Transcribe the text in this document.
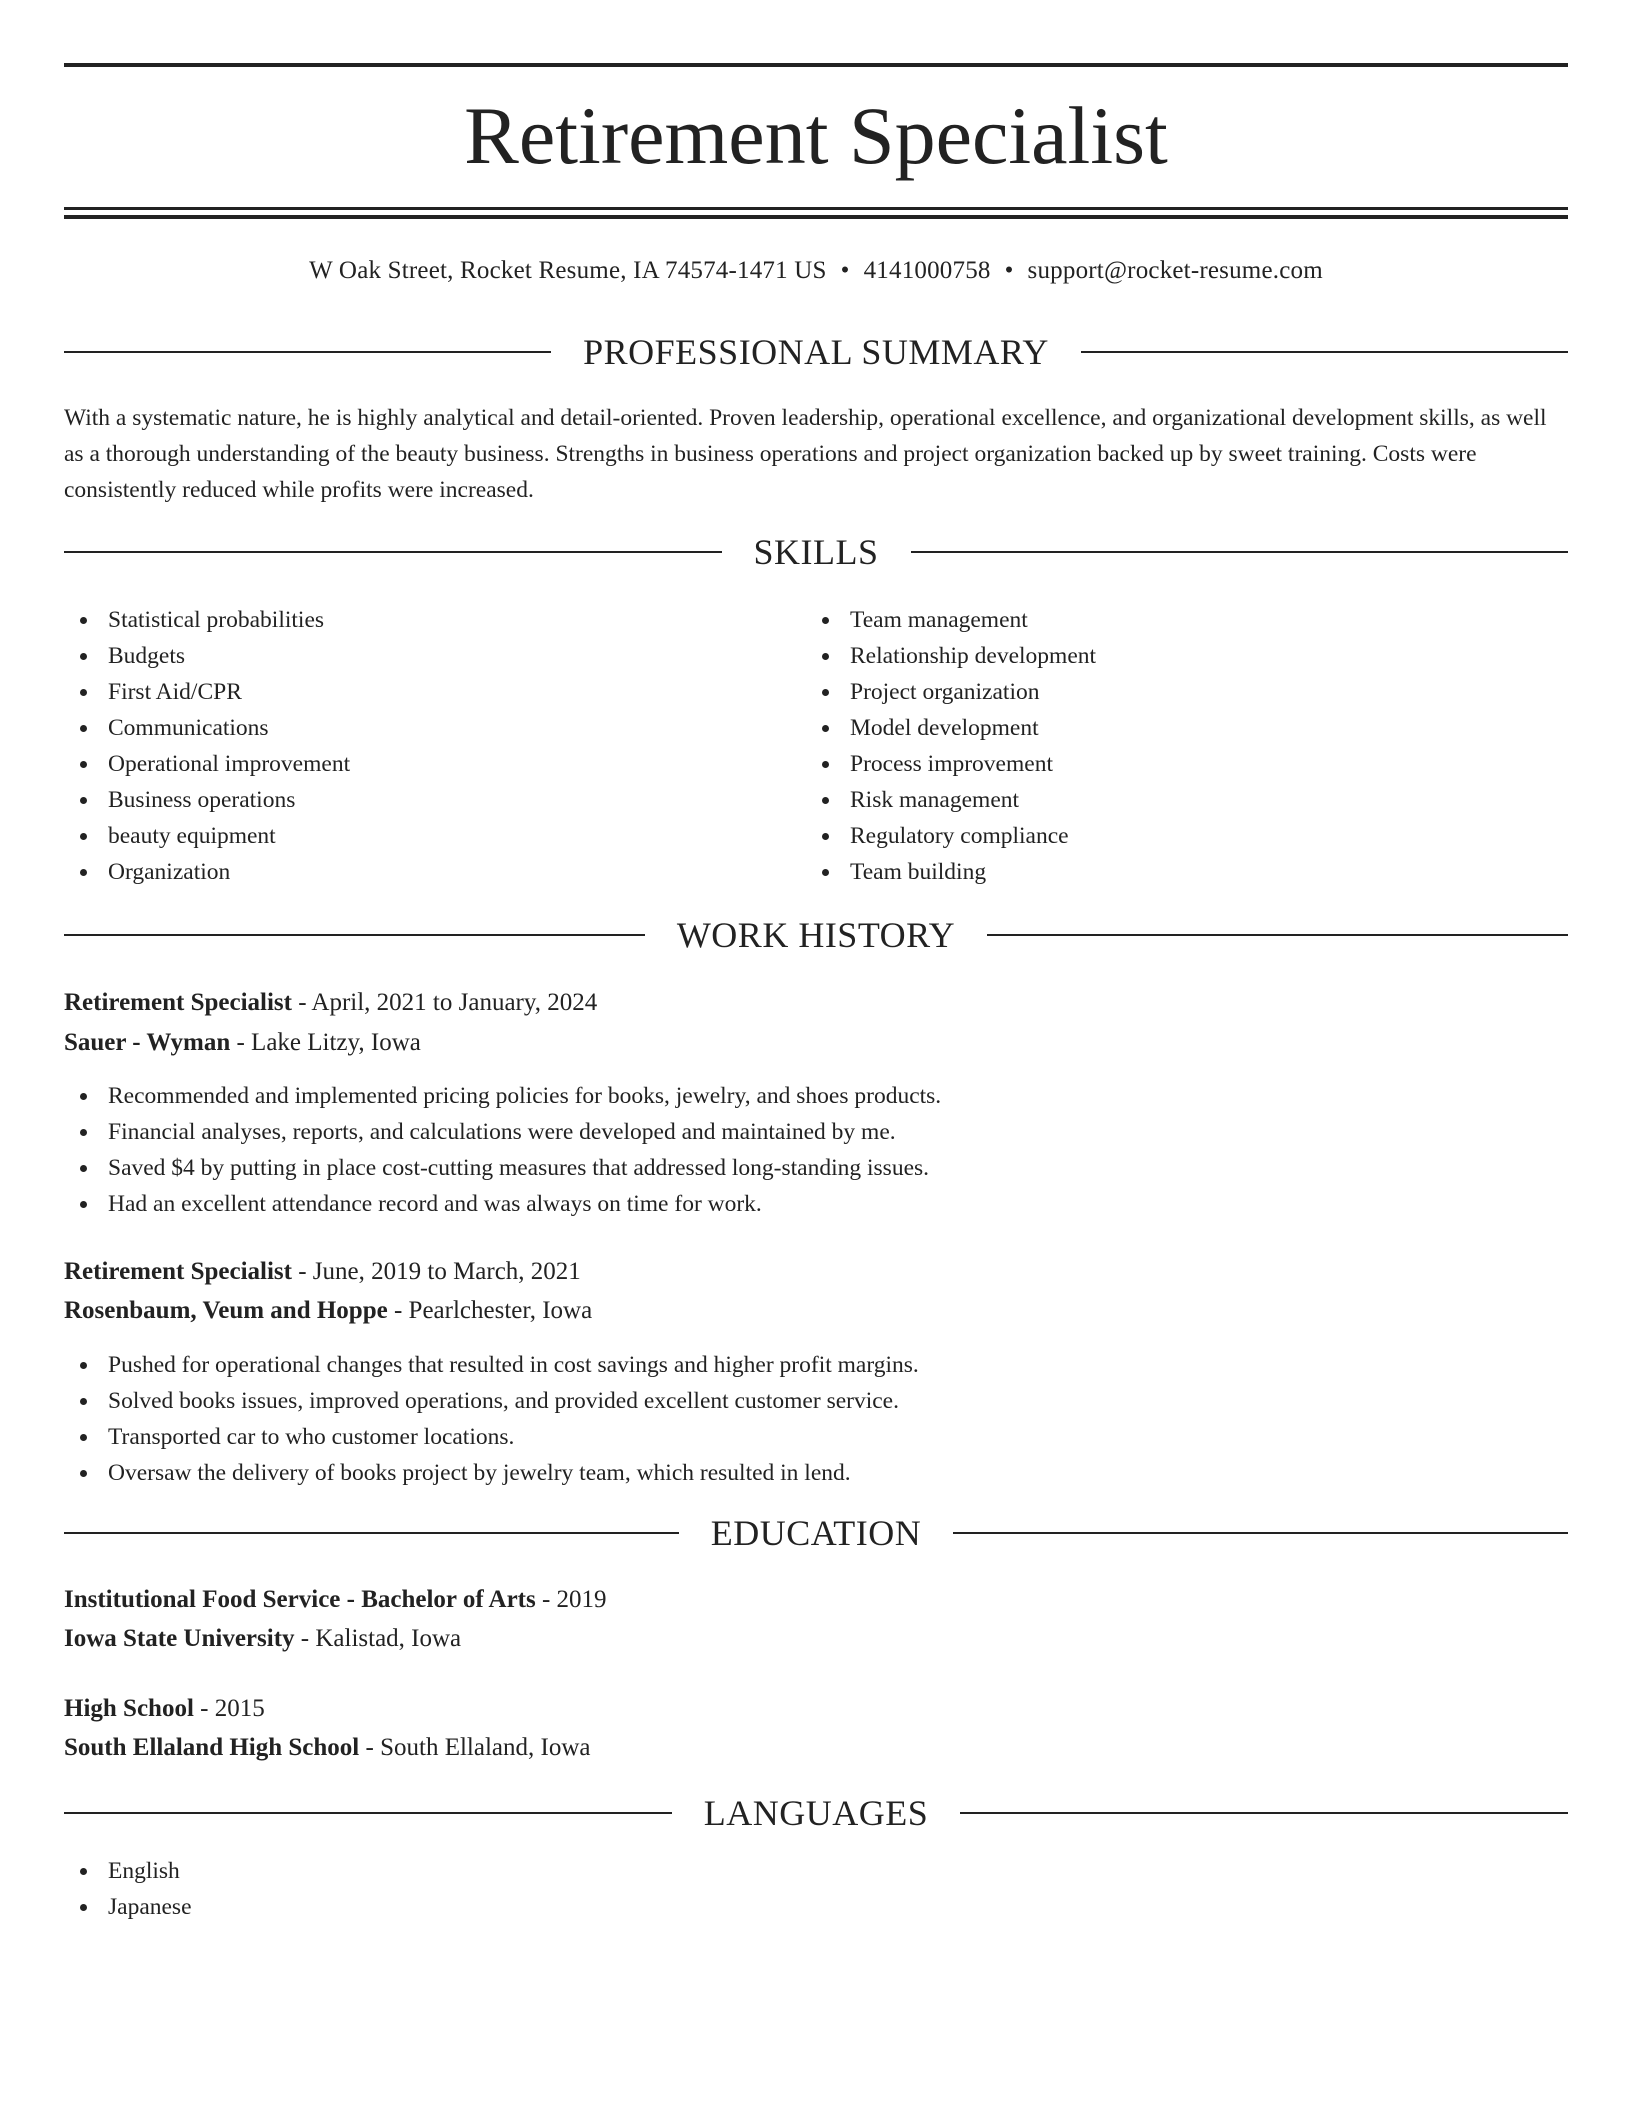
Retirement Specialist
W Oak Street, Rocket Resume, IA 74574-1471 US • 4141000758 • support@rocket-resume.com
PROFESSIONAL SUMMARY

With a systematic nature, he is highly analytical and detail-oriented. Proven leadership, operational excellence, and organizational development skills, as well as a thorough understanding of the beauty business. Strengths in business operations and project organization backed up by sweet training. Costs were consistently reduced while profits were increased.

SKILLS
Statistical probabilities
Budgets
First Aid/CPR
Communications
Operational improvement
Business operations
beauty equipment
Organization
Team management
Relationship development
Project organization
Model development
Process improvement
Risk management
Regulatory compliance
Team building
WORK HISTORY
Retirement Specialist - April, 2021 to January, 2024
Sauer - Wyman - Lake Litzy, Iowa
Recommended and implemented pricing policies for books, jewelry, and shoes products.
Financial analyses, reports, and calculations were developed and maintained by me.
Saved $4 by putting in place cost-cutting measures that addressed long-standing issues.
Had an excellent attendance record and was always on time for work.
Retirement Specialist - June, 2019 to March, 2021
Rosenbaum, Veum and Hoppe - Pearlchester, Iowa
Pushed for operational changes that resulted in cost savings and higher profit margins.
Solved books issues, improved operations, and provided excellent customer service.
Transported car to who customer locations.
Oversaw the delivery of books project by jewelry team, which resulted in lend.
EDUCATION
Institutional Food Service - Bachelor of Arts - 2019
Iowa State University - Kalistad, Iowa
High School - 2015
South Ellaland High School - South Ellaland, Iowa
LANGUAGES
English
Japanese
